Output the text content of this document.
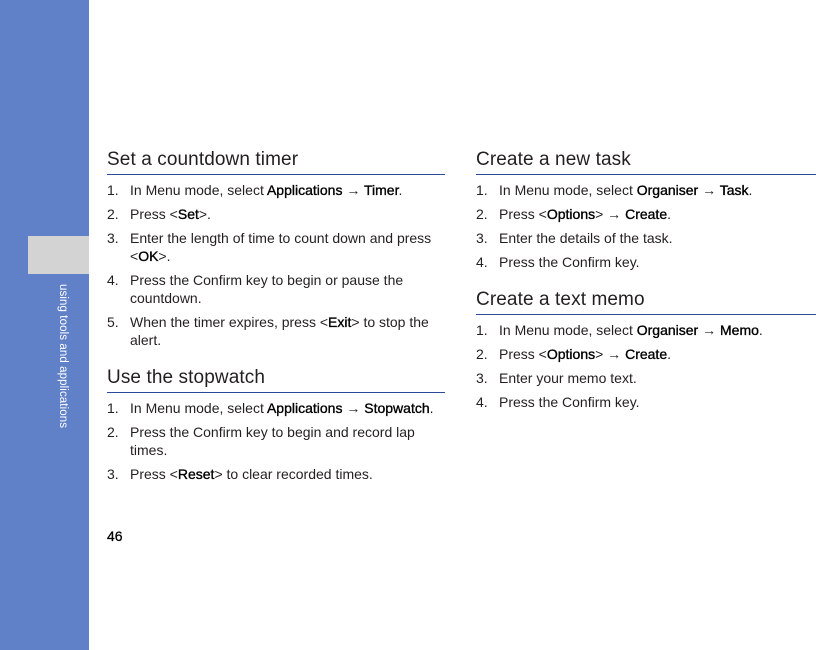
using tools and applications
Set a countdown timer
1. In Menu mode, select Applications → Timer.
2. Press <Set>.
3. Enter the length of time to count down and press <OK>.
4. Press the Confirm key to begin or pause the countdown.
5. When the timer expires, press <Exit> to stop the alert.
Use the stopwatch
1. In Menu mode, select Applications → Stopwatch.
2. Press the Confirm key to begin and record lap times.
3. Press <Reset> to clear recorded times.
Create a new task
1. In Menu mode, select Organiser → Task.
2. Press <Options> → Create.
3. Enter the details of the task.
4. Press the Confirm key.
Create a text memo
1. In Menu mode, select Organiser → Memo.
2. Press <Options> → Create.
3. Enter your memo text.
4. Press the Confirm key.
46
